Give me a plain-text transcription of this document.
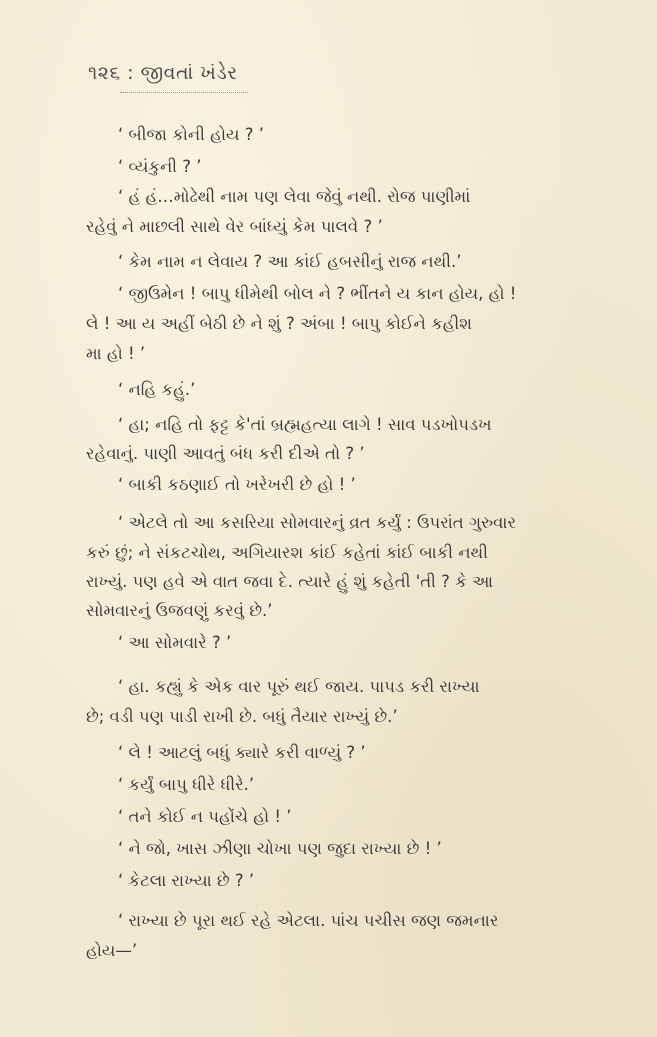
૧૨૬ : જીવતાં ખંડેર
‘ બીજા કોની હોય ? ’
‘ વ્યંકુની ? ’
‘ હં હં…મોઢેથી નામ પણ લેવા જેવું નથી. રોજ પાણીમાં
રહેવું ને માછલી સાથે વેર બાંધ્યું કેમ પાલવે ? ’
‘ કેમ નામ ન લેવાય ? આ કાંઈ હબસીનું રાજ નથી.’
‘ જીઉમેન ! બાપુ ધીમેથી બોલ ને ? ભીંતને ય કાન હોય, હો !
લે ! આ ય અહીં બેઠી છે ને શું ? અંબા ! બાપુ કોઈને કહીશ
મા હો ! ’
‘ નહિ કહું.’
‘ હા; નહિ તો ફટ્ટ કે'તાં બ્રહ્મહત્યા લાગે ! સાવ પડખોપડખ
રહેવાનું. પાણી આવતું બંધ કરી દીએ તો ? ’
‘ બાકી કઠણાઈ તો ખરેખરી છે હો ! ’
‘ એટલે તો આ કસરિયા સોમવારનું વ્રત કર્યું : ઉપરાંત ગુરુવાર
કરું છું; ને સંકટચોથ, અગિયારશ કાંઈ કહેતાં કાંઈ બાકી નથી
રાખ્યું. પણ હવે એ વાત જવા દે. ત્યારે હું શું કહેતી 'તી ? કે આ
સોમવારનું ઉજવણું કરવું છે.’
‘ આ સોમવારે ? ’
‘ હા. કહ્યું કે એક વાર પૂરું થઈ જાય. પાપડ કરી રાખ્યા
છે; વડી પણ પાડી રાખી છે. બધું તૈયાર રાખ્યું છે.’
‘ લે ! આટલું બધું ક્યારે કરી વાળ્યું ? ’
‘ કર્યું બાપુ ધીરે ધીરે.’
‘ તને કોઈ ન પહોંચે હો ! ’
‘ ને જો, ખાસ ઝીણા ચોખા પણ જુદા રાખ્યા છે ! ’
‘ કેટલા રાખ્યા છે ? ’
‘ રાખ્યા છે પૂરા થઈ રહે એટલા. પાંચ પચીસ જણ જમનાર
હોય—’
